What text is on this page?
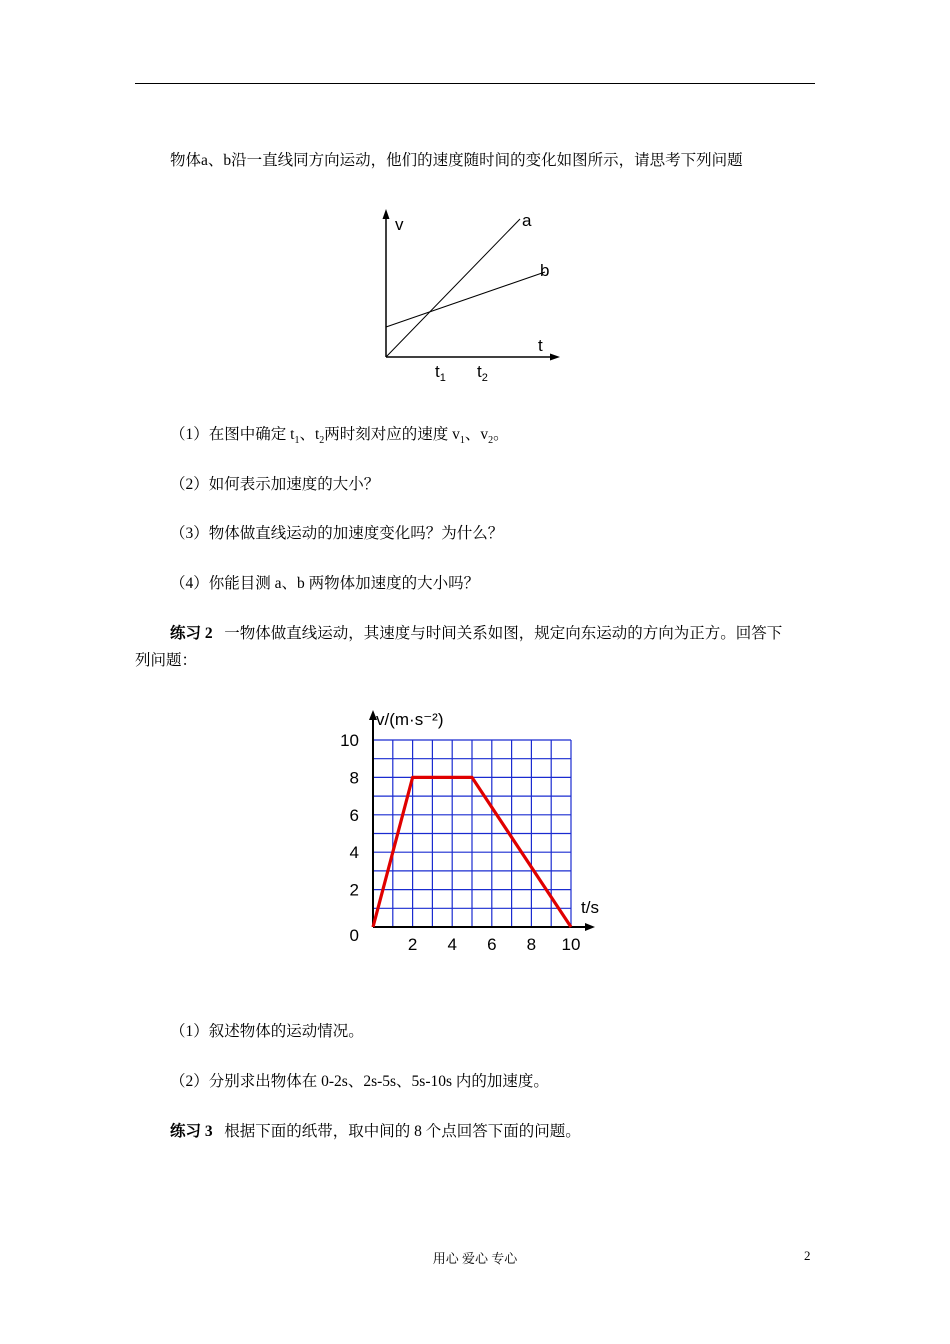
物体a、b沿一直线同方向运动，他们的速度随时间的变化如图所示，请思考下列问题
v	a
b
t
$t_1$ $t_2$
（1）在图中确定 $t_1$、$t_2$两时刻对应的速度 $v_1$、$v_2$。
（2）如何表示加速度的大小？
（3）物体做直线运动的加速度变化吗？为什么？
（4）你能目测 a、b 两物体加速度的大小吗？
练习 2 一物体做直线运动，其速度与时间关系如图，规定向东运动的方向为正方。回答下
列问题：
2 4 6 8 10
0
2
4
6
8
10
v/(m·s⁻²)
t/s
（1）叙述物体的运动情况。
（2）分别求出物体在 0-2s、2s-5s、5s-10s 内的加速度。
练习 3 根据下面的纸带，取中间的 8 个点回答下面的问题。
用心 爱心 专心	2
